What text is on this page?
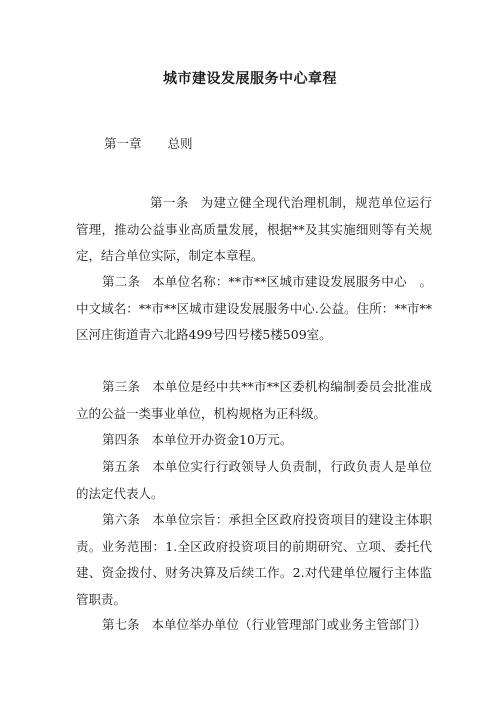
城市建设发展服务中心章程
第一章 总则
第一条 为建立健全现代治理机制，规范单位运行管理，推动公益事业高质量发展，根据**及其实施细则等有关规定，结合单位实际，制定本章程。
第二条 本单位名称：**市**区城市建设发展服务中心　。中文域名：**市**区城市建设发展服务中心.公益。住所：**市**区河庄街道青六北路499号四号楼5楼509室。
第三条 本单位是经中共**市**区委机构编制委员会批准成立的公益一类事业单位，机构规格为正科级。
第四条 本单位开办资金10万元。
第五条 本单位实行行政领导人负责制，行政负责人是单位的法定代表人。
第六条 本单位宗旨：承担全区政府投资项目的建设主体职责。业务范围：1.全区政府投资项目的前期研究、立项、委托代建、资金拨付、财务决算及后续工作。2.对代建单位履行主体监管职责。
第七条 本单位举办单位（行业管理部门或业务主管部门）
